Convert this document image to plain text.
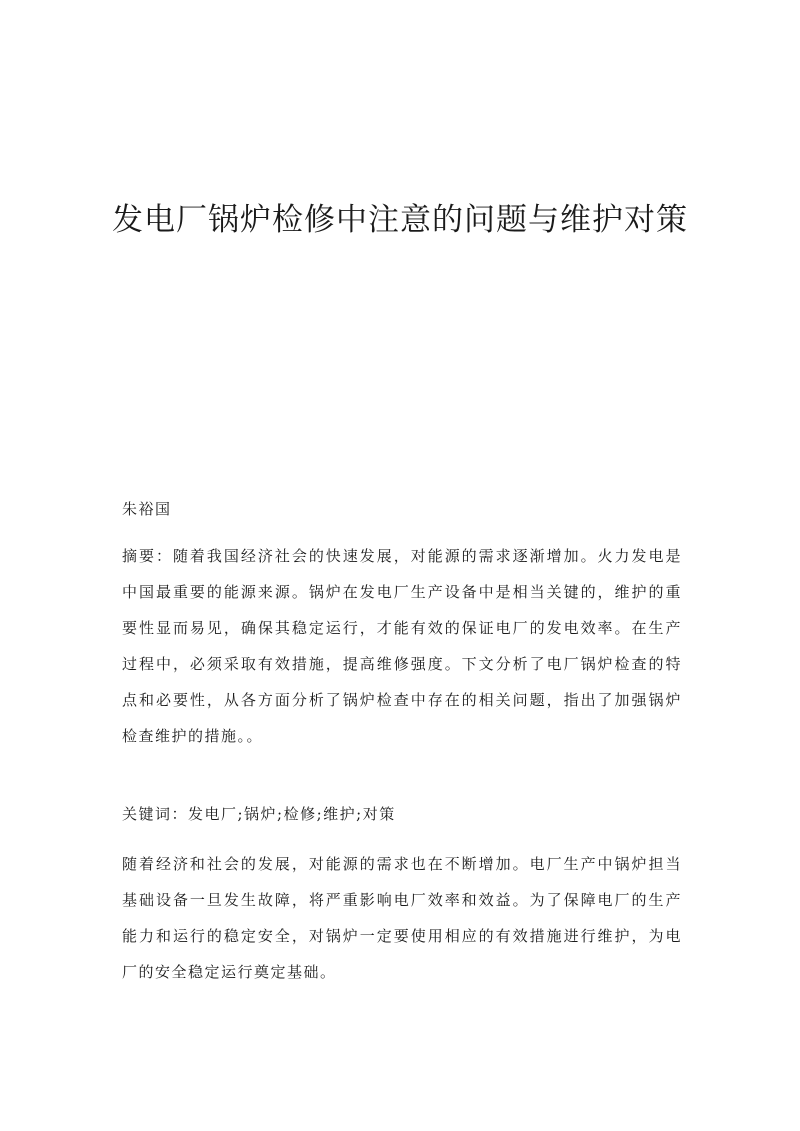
发电厂锅炉检修中注意的问题与维护对策

朱裕国

摘要：随着我国经济社会的快速发展，对能源的需求逐渐增加。火力发电是中国最重要的能源来源。锅炉在发电厂生产设备中是相当关键的，维护的重要性显而易见，确保其稳定运行，才能有效的保证电厂的发电效率。在生产过程中，必须采取有效措施，提高维修强度。下文分析了电厂锅炉检查的特点和必要性，从各方面分析了锅炉检查中存在的相关问题，指出了加强锅炉检查维护的措施。。

关键词：发电厂;锅炉;检修;维护;对策

随着经济和社会的发展，对能源的需求也在不断增加。电厂生产中锅炉担当基础设备一旦发生故障，将严重影响电厂效率和效益。为了保障电厂的生产能力和运行的稳定安全，对锅炉一定要使用相应的有效措施进行维护，为电厂的安全稳定运行奠定基础。
